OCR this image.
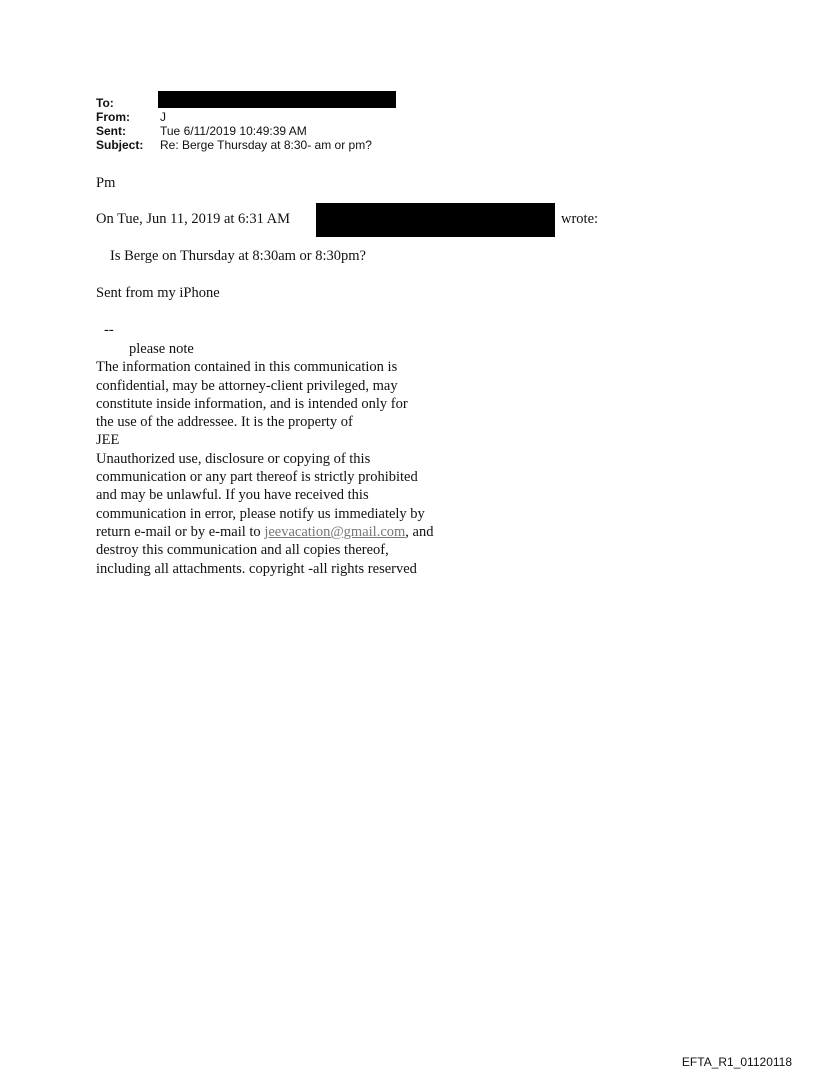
To:
From:	J
Sent:	Tue 6/11/2019 10:49:39 AM
Subject: Re: Berge Thursday at 8:30- am or pm?
Pm
On Tue, Jun 11, 2019 at 6:31 AM	wrote:
Is Berge on Thursday at 8:30am or 8:30pm?
Sent from my iPhone
--
please note
The information contained in this communication is
confidential, may be attorney-client privileged, may
constitute inside information, and is intended only for
the use of the addressee. It is the property of
JEE
Unauthorized use, disclosure or copying of this
communication or any part thereof is strictly prohibited
and may be unlawful. If you have received this
communication in error, please notify us immediately by
return e-mail or by e-mail to jeevacation@gmail.com, and
destroy this communication and all copies thereof,
including all attachments. copyright -all rights reserved
EFTA_R1_01120118
